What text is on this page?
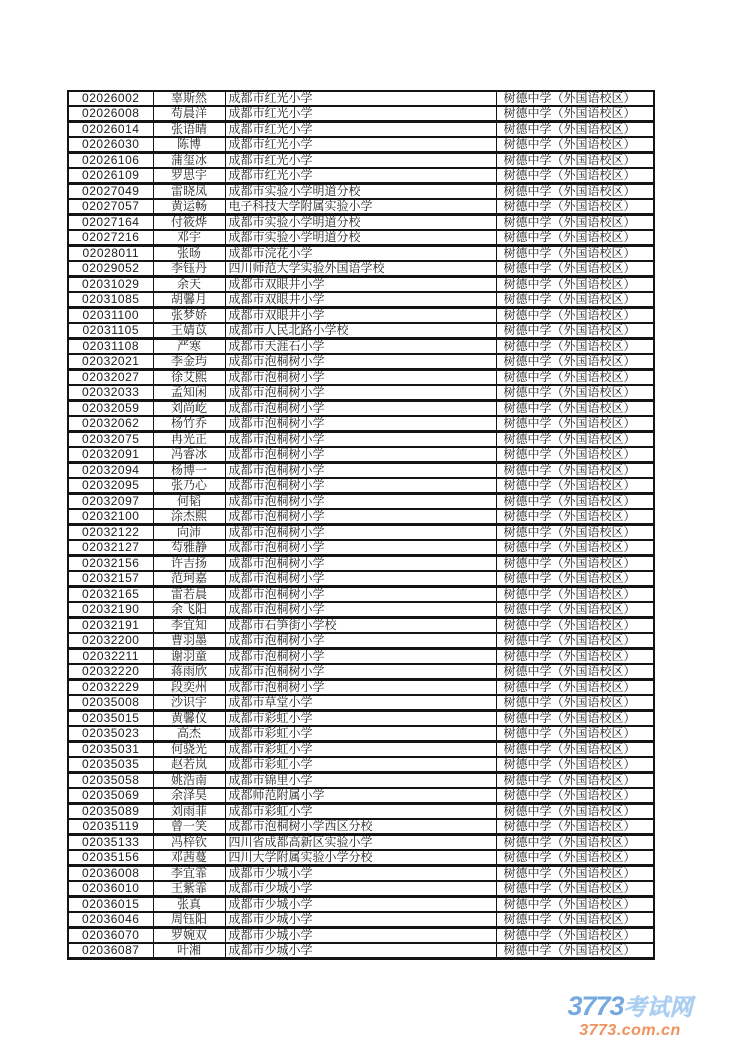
02026002	辜斯然	成都市红光小学	树德中学（外国语校区）
02026008	苟晨洋	成都市红光小学	树德中学（外国语校区）
02026014	张语晴	成都市红光小学	树德中学（外国语校区）
02026030	陈博	成都市红光小学	树德中学（外国语校区）
02026106	蒲玺冰	成都市红光小学	树德中学（外国语校区）
02026109	罗思宇	成都市红光小学	树德中学（外国语校区）
02027049	雷晓凤	成都市实验小学明道分校	树德中学（外国语校区）
02027057	黄运畅	电子科技大学附属实验小学	树德中学（外国语校区）
02027164	付筱烨	成都市实验小学明道分校	树德中学（外国语校区）
02027216	邓宇	成都市实验小学明道分校	树德中学（外国语校区）
02028011	张旸	成都市浣花小学	树德中学（外国语校区）
02029052	李钰丹	四川师范大学实验外国语学校	树德中学（外国语校区）
02031029	余天	成都市双眼井小学	树德中学（外国语校区）
02031085	胡馨月	成都市双眼井小学	树德中学（外国语校区）
02031100	张梦娇	成都市双眼井小学	树德中学（外国语校区）
02031105	王婧苡	成都市人民北路小学校	树德中学（外国语校区）
02031108	严寒	成都市天涯石小学	树德中学（外国语校区）
02032021	李金玙	成都市泡桐树小学	树德中学（外国语校区）
02032027	徐艾熙	成都市泡桐树小学	树德中学（外国语校区）
02032033	孟知闲	成都市泡桐树小学	树德中学（外国语校区）
02032059	刘尚屹	成都市泡桐树小学	树德中学（外国语校区）
02032062	杨竹乔	成都市泡桐树小学	树德中学（外国语校区）
02032075	冉光正	成都市泡桐树小学	树德中学（外国语校区）
02032091	冯睿冰	成都市泡桐树小学	树德中学（外国语校区）
02032094	杨博一	成都市泡桐树小学	树德中学（外国语校区）
02032095	张乃心	成都市泡桐树小学	树德中学（外国语校区）
02032097	何韬	成都市泡桐树小学	树德中学（外国语校区）
02032100	涂杰熙	成都市泡桐树小学	树德中学（外国语校区）
02032122	向沛	成都市泡桐树小学	树德中学（外国语校区）
02032127	芶雅静	成都市泡桐树小学	树德中学（外国语校区）
02032156	许吉扬	成都市泡桐树小学	树德中学（外国语校区）
02032157	范珂嘉	成都市泡桐树小学	树德中学（外国语校区）
02032165	雷若晨	成都市泡桐树小学	树德中学（外国语校区）
02032190	余飞阳	成都市泡桐树小学	树德中学（外国语校区）
02032191	李宜知	成都市石笋街小学校	树德中学（外国语校区）
02032200	曹羽墨	成都市泡桐树小学	树德中学（外国语校区）
02032211	谢羽童	成都市泡桐树小学	树德中学（外国语校区）
02032220	蒋雨欣	成都市泡桐树小学	树德中学（外国语校区）
02032229	段奕州	成都市泡桐树小学	树德中学（外国语校区）
02035008	沙识宇	成都市草堂小学	树德中学（外国语校区）
02035015	黄馨仪	成都市彩虹小学	树德中学（外国语校区）
02035023	高杰	成都市彩虹小学	树德中学（外国语校区）
02035031	何骁光	成都市彩虹小学	树德中学（外国语校区）
02035035	赵若岚	成都市彩虹小学	树德中学（外国语校区）
02035058	姚浩南	成都市锦里小学	树德中学（外国语校区）
02035069	余泽昊	成都师范附属小学	树德中学（外国语校区）
02035089	刘雨菲	成都市彩虹小学	树德中学（外国语校区）
02035119	曾一笑	成都市泡桐树小学西区分校	树德中学（外国语校区）
02035133	冯梓钦	四川省成都高新区实验小学	树德中学（外国语校区）
02035156	邓茜蔓	四川大学附属实验小学分校	树德中学（外国语校区）
02036008	李宜霏	成都市少城小学	树德中学（外国语校区）
02036010	王紫霏	成都市少城小学	树德中学（外国语校区）
02036015	张真	成都市少城小学	树德中学（外国语校区）
02036046	周钰阳	成都市少城小学	树德中学（外国语校区）
02036070	罗婉双	成都市少城小学	树德中学（外国语校区）
02036087	叶湘	成都市少城小学	树德中学（外国语校区）
3773考试网
3773.com.cn
